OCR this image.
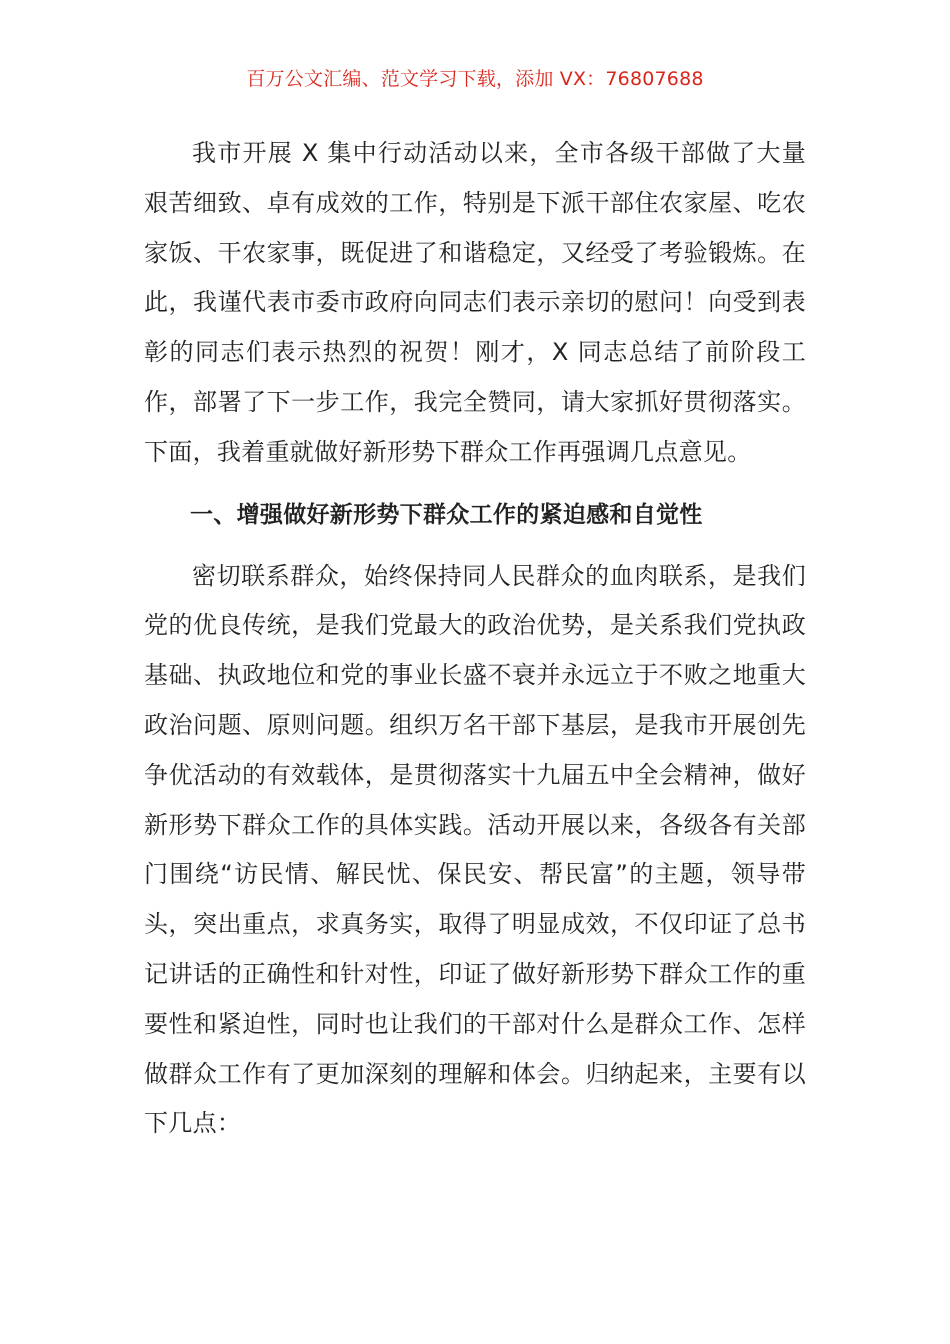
百万公文汇编、范文学习下载，添加 VX：76807688

我市开展 X 集中行动活动以来，全市各级干部做了大量艰苦细致、卓有成效的工作，特别是下派干部住农家屋、吃农家饭、干农家事，既促进了和谐稳定，又经受了考验锻炼。在此，我谨代表市委市政府向同志们表示亲切的慰问！向受到表彰的同志们表示热烈的祝贺！刚才，X 同志总结了前阶段工作，部署了下一步工作，我完全赞同，请大家抓好贯彻落实。下面，我着重就做好新形势下群众工作再强调几点意见。

一、增强做好新形势下群众工作的紧迫感和自觉性

密切联系群众，始终保持同人民群众的血肉联系，是我们党的优良传统，是我们党最大的政治优势，是关系我们党执政基础、执政地位和党的事业长盛不衰并永远立于不败之地重大政治问题、原则问题。组织万名干部下基层，是我市开展创先争优活动的有效载体，是贯彻落实十九届五中全会精神，做好新形势下群众工作的具体实践。活动开展以来，各级各有关部门围绕“访民情、解民忧、保民安、帮民富”的主题，领导带头，突出重点，求真务实，取得了明显成效，不仅印证了总书记讲话的正确性和针对性，印证了做好新形势下群众工作的重要性和紧迫性，同时也让我们的干部对什么是群众工作、怎样做群众工作有了更加深刻的理解和体会。归纳起来，主要有以下几点：
